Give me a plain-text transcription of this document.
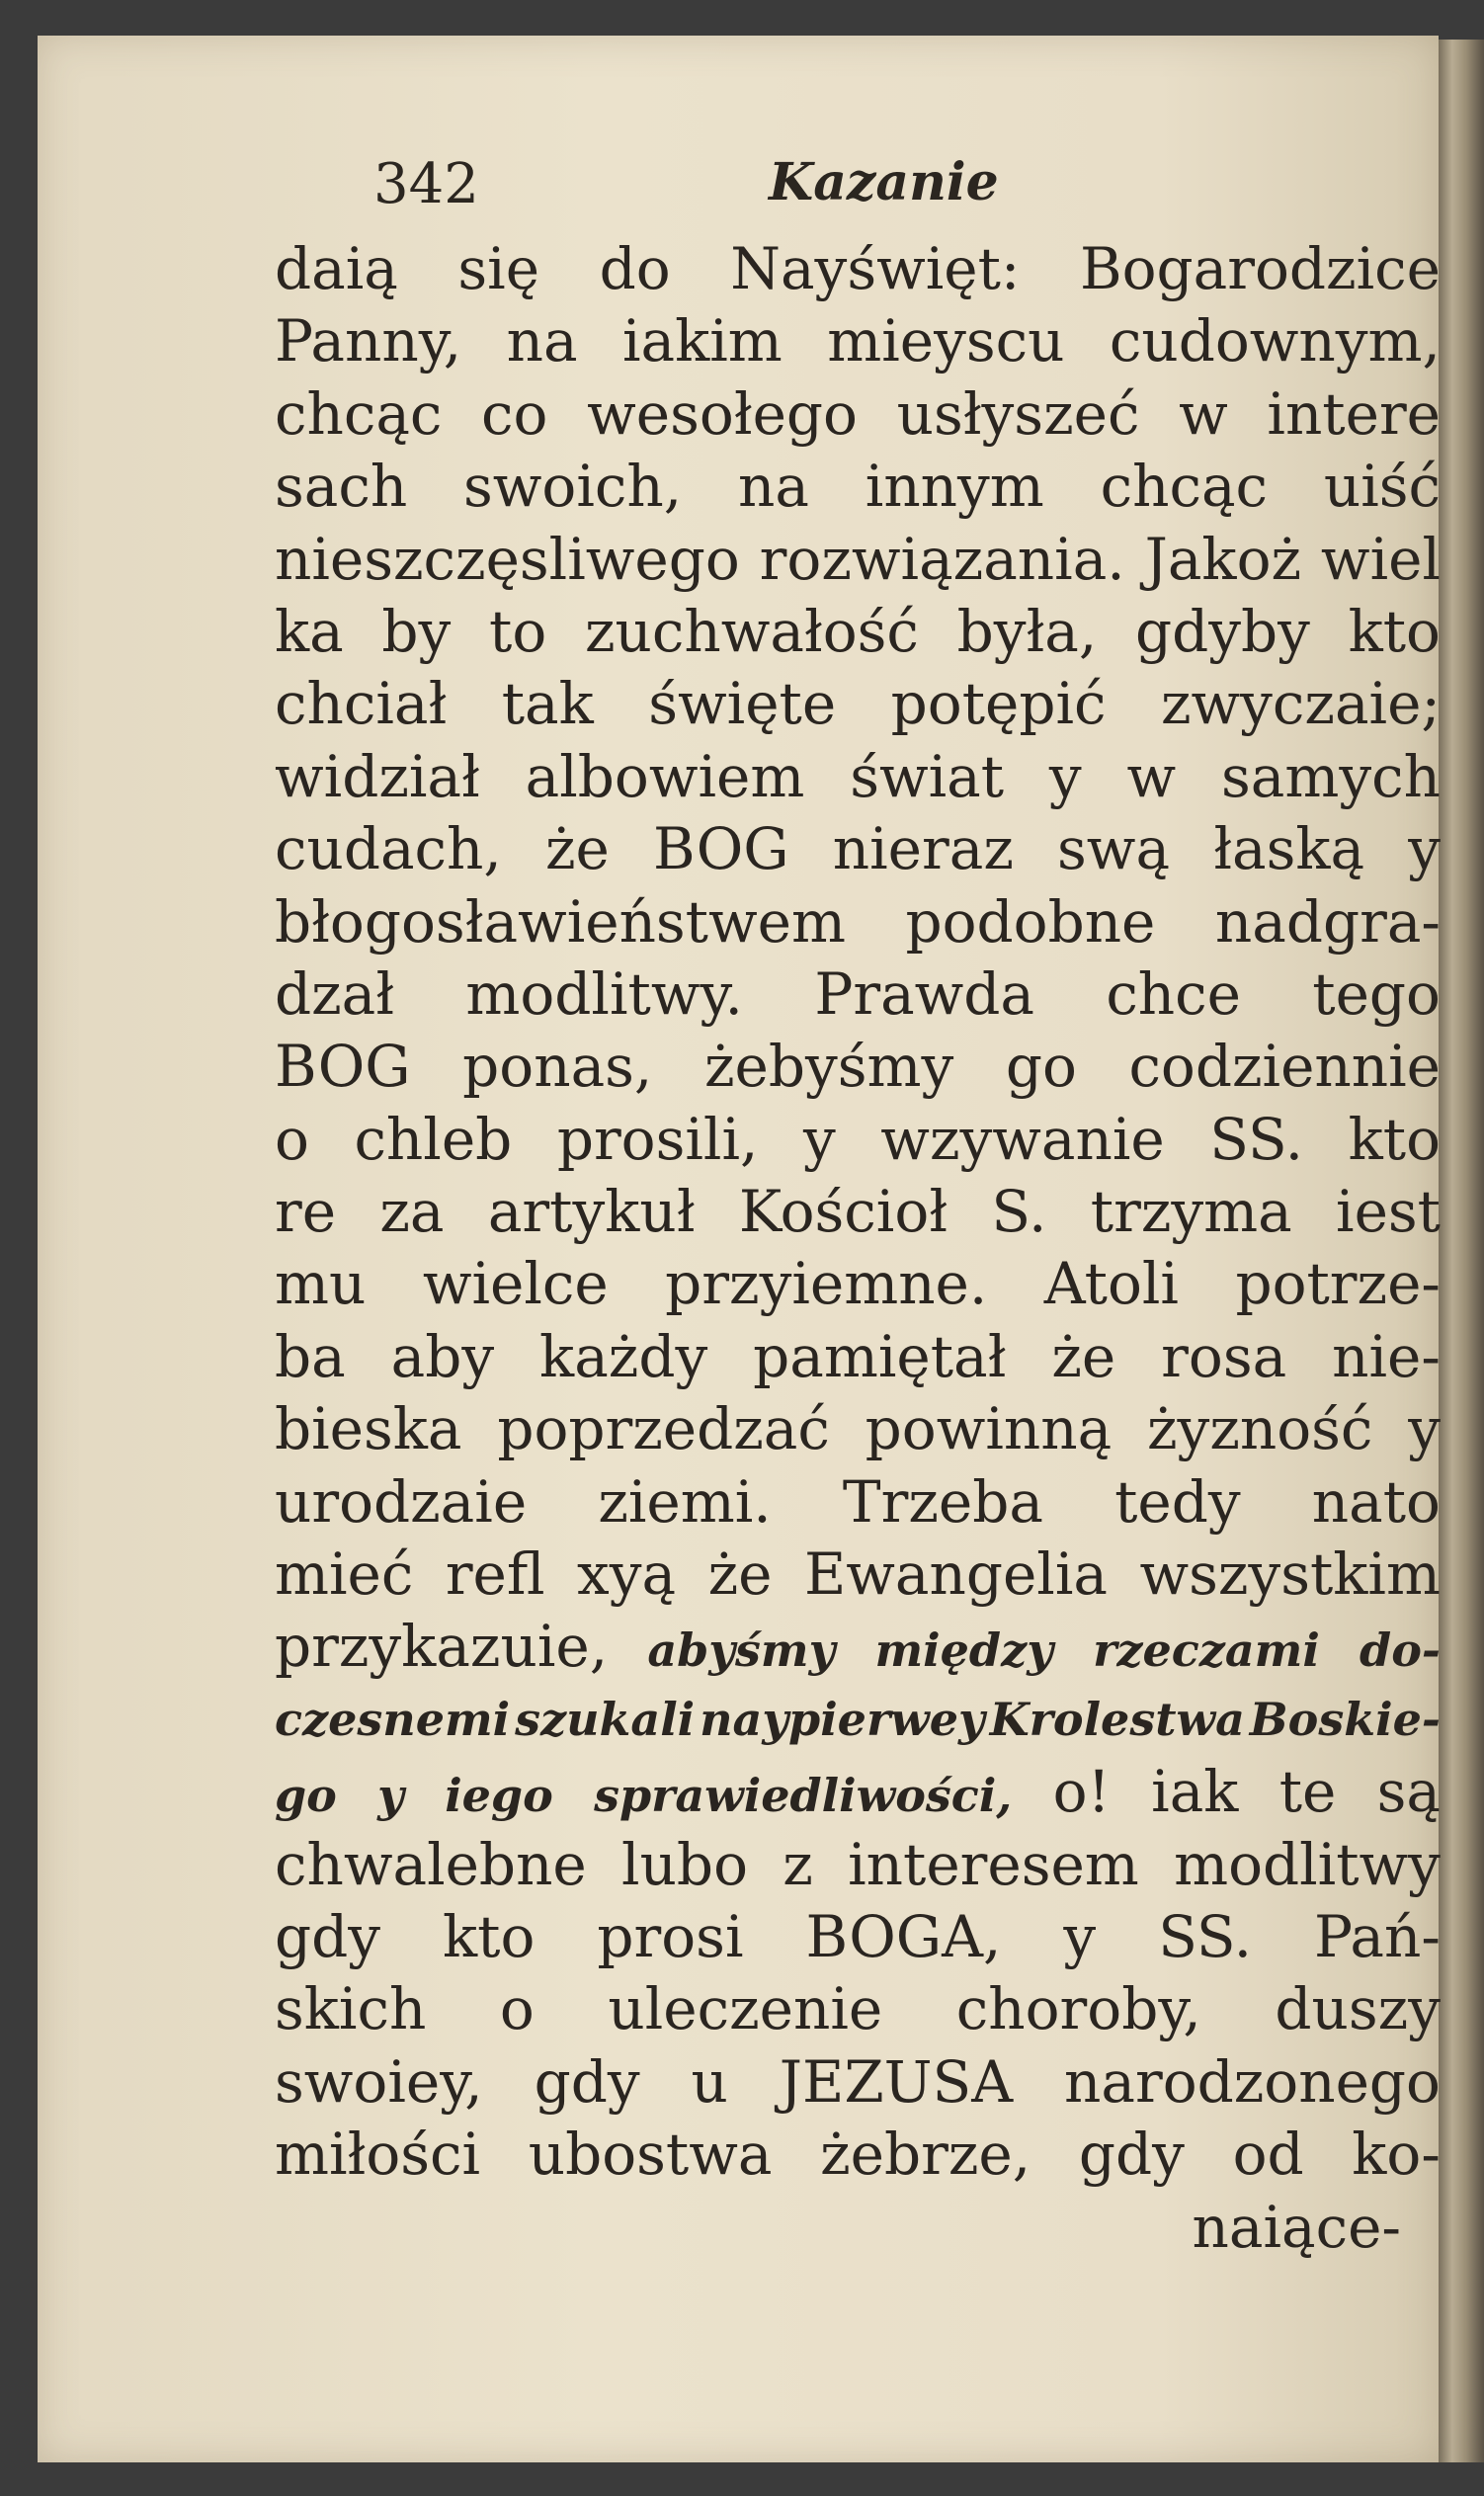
342	Kazanie
daią się do Nayświęt: Bogarodzice
Panny, na iakim mieyscu cudownym,
chcąc co wesołego usłyszeć w intere
sach swoich, na innym chcąc uiść
nieszczęsliwego rozwiązania. Jakoż wiel
ka by to zuchwałość była, gdyby kto
chciał tak święte potępić zwyczaie;
widział albowiem świat y w samych
cudach, że BOG nieraz swą łaską y
błogosławieństwem podobne nadgra-
dzał modlitwy. Prawda chce tego
BOG ponas, żebyśmy go codziennie
o chleb prosili, y wzywanie SS. kto
re za artykuł Kościoł S. trzyma iest
mu wielce przyiemne. Atoli potrze-
ba aby każdy pamiętał że rosa nie-
bieska poprzedzać powinną żyzność y
urodzaie ziemi. Trzeba tedy nato
mieć refl xyą że Ewangelia wszystkim
przykazuie, abyśmy między rzeczami do-
czesnemi szukali naypierwey Krolestwa Boskie-
go y iego sprawiedliwości, o! iak te są
chwalebne lubo z interesem modlitwy
gdy kto prosi BOGA, y SS. Pań-
skich o uleczenie choroby, duszy
swoiey, gdy u JEZUSA narodzonego
miłości ubostwa żebrze, gdy od ko-
naiące-
